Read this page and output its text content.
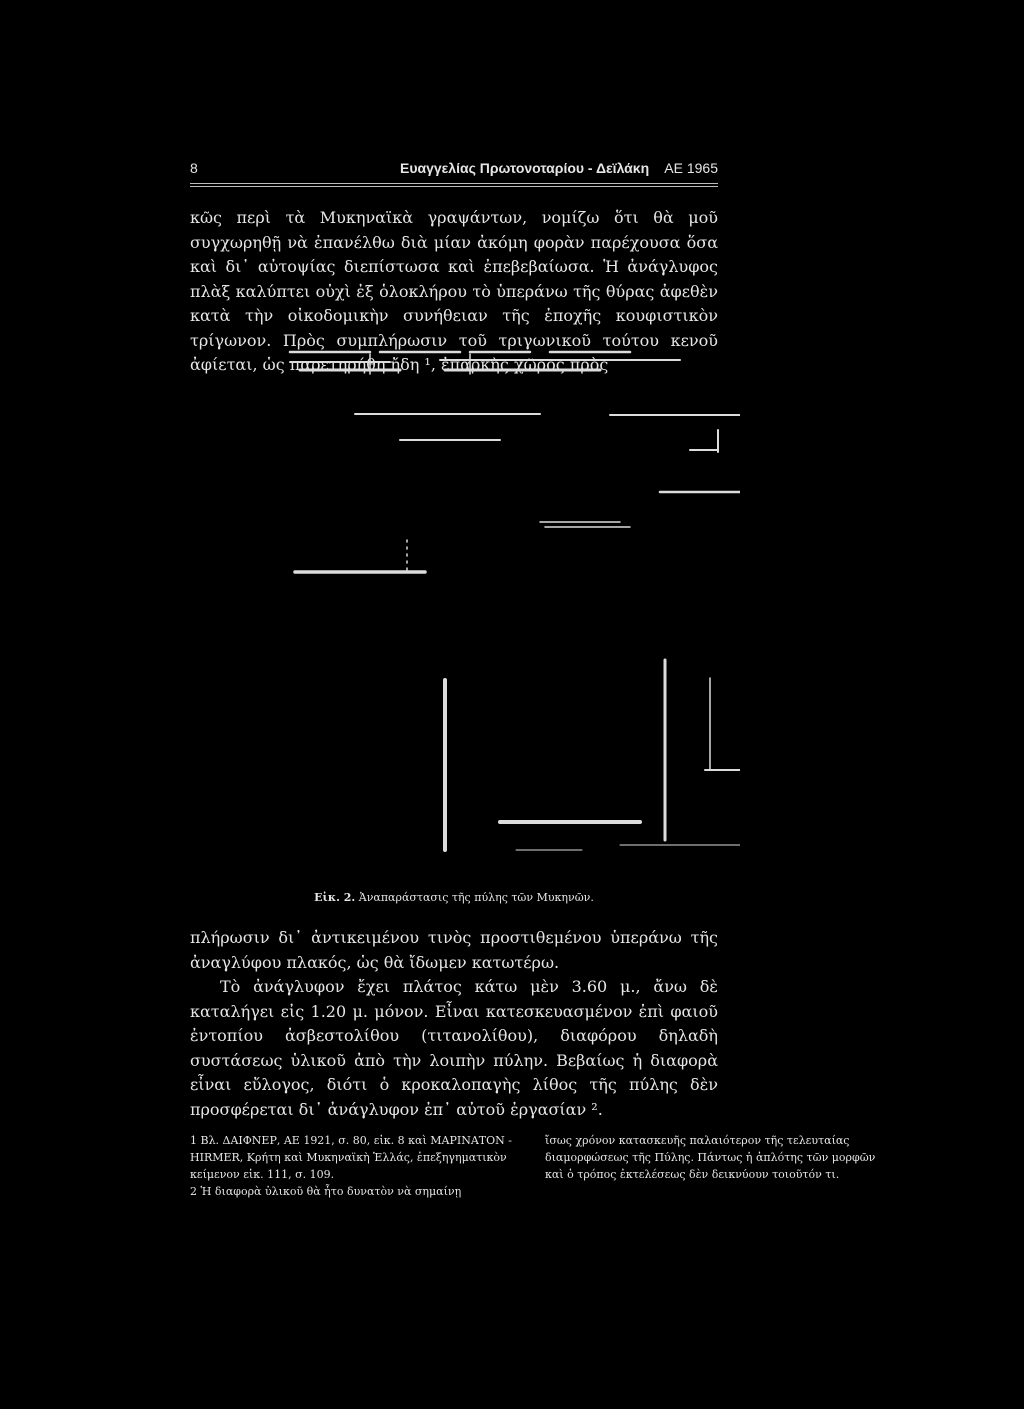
8	Ευαγγελίας Πρωτονοταρίου - Δεϊλάκη ΑΕ 1965

κῶς περὶ τὰ Μυκηναϊκὰ γραψάντων, νομίζω ὅτι θὰ μοῦ συγχωρηθῇ νὰ ἐπανέλθω διὰ μίαν ἀκόμη φορὰν παρέχουσα ὅσα καὶ δι᾽ αὐτοψίας διεπίστωσα καὶ ἐπεβεβαίωσα. Ἡ ἀνάγλυφος πλὰξ καλύπτει οὐχὶ ἐξ ὁλοκλήρου τὸ ὑπεράνω τῆς θύρας ἀφεθὲν κατὰ τὴν οἰκοδομικὴν συνήθειαν τῆς ἐποχῆς κουφιστικὸν τρίγωνον. Πρὸς συμπλήρωσιν τοῦ τριγωνικοῦ τούτου κενοῦ ἀφίεται, ὡς παρετηρήθη ἤδη ¹, ἐπαρκὴς χῶρος πρὸς

Εἰκ. 2. Ἀναπαράστασις τῆς πύλης τῶν Μυκηνῶν.

πλήρωσιν δι᾽ ἀντικειμένου τινὸς προστιθεμένου ὑπεράνω τῆς ἀναγλύφου πλακός, ὡς θὰ ἴδωμεν κατωτέρω.

Τὸ ἀνάγλυφον ἔχει πλάτος κάτω μὲν 3.60 μ., ἄνω δὲ καταλήγει εἰς 1.20 μ. μόνον. Εἶναι κατεσκευασμένον ἐπὶ φαιοῦ ἐντοπίου ἀσβεστολίθου (τιτανολίθου), διαφόρου δηλαδὴ συστάσεως ὑλικοῦ ἀπὸ τὴν λοιπὴν πύλην. Βεβαίως ἡ διαφορὰ εἶναι εὔλογος, διότι ὁ κροκαλοπαγὴς λίθος τῆς πύλης δὲν προσφέρεται δι᾽ ἀνάγλυφον ἐπ᾽ αὐτοῦ ἐργασίαν ².

1 Βλ. ΔΑΙΦΝΕΡ, ΑΕ 1921, σ. 80, εἰκ. 8 καὶ ΜΑΡΙΝΑΤΟΝ - HIRMER, Κρήτη καὶ Μυκηναϊκὴ Ἑλλάς, ἐπεξηγηματικὸν κείμενον εἰκ. 111, σ. 109.

2 Ἡ διαφορὰ ὑλικοῦ θὰ ἦτο δυνατὸν νὰ σημαίνῃ

ἴσως χρόνον κατασκευῆς παλαιότερον τῆς τελευταίας διαμορφώσεως τῆς Πύλης. Πάντως ἡ ἁπλότης τῶν μορφῶν καὶ ὁ τρόπος ἐκτελέσεως δὲν δεικνύουν τοιοῦτόν τι.
